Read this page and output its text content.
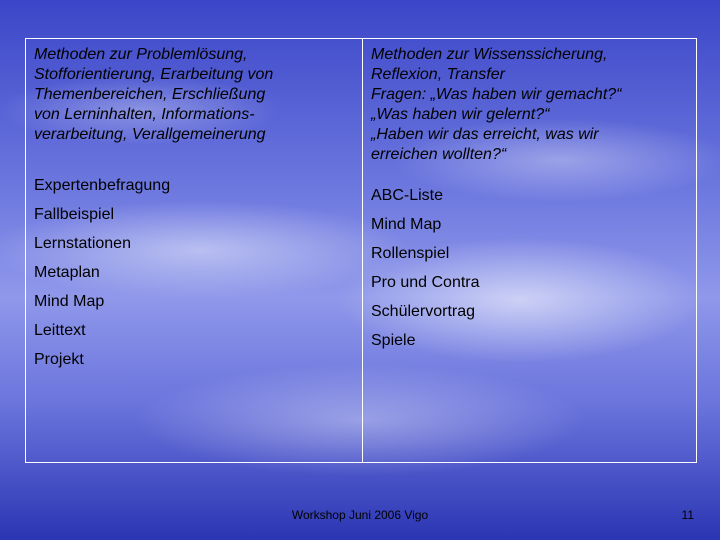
Methoden zur Problemlösung,
Stofforientierung, Erarbeitung von
Themenbereichen, Erschließung
von Lerninhalten, Informations-
verarbeitung, Verallgemeinerung
Expertenbefragung
Fallbeispiel
Lernstationen
Metaplan
Mind Map
Leittext
Projekt
Methoden zur Wissenssicherung,
Reflexion, Transfer
Fragen: „Was haben wir gemacht?“
„Was haben wir gelernt?“
„Haben wir das erreicht, was wir
erreichen wollten?“
ABC-Liste
Mind Map
Rollenspiel
Pro und Contra
Schülervortrag
Spiele
Workshop Juni 2006 Vigo	11
